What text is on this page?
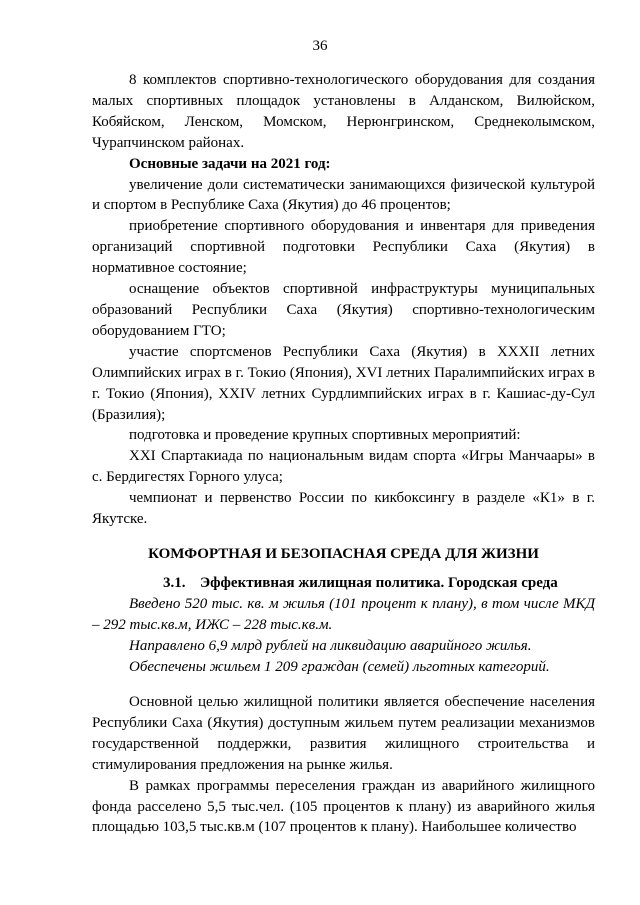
36

8 комплектов спортивно-технологического оборудования для создания малых спортивных площадок установлены в Алданском, Вилюйском, Кобяйском, Ленском, Момском, Нерюнгринском, Среднеколымском, Чурапчинском районах.

Основные задачи на 2021 год:

увеличение доли систематически занимающихся физической культурой и спортом в Республике Саха (Якутия) до 46 процентов;

приобретение спортивного оборудования и инвентаря для приведения организаций спортивной подготовки Республики Саха (Якутия) в нормативное состояние;

оснащение объектов спортивной инфраструктуры муниципальных образований Республики Саха (Якутия) спортивно-технологическим оборудованием ГТО;

участие спортсменов Республики Саха (Якутия) в XXXII летних Олимпийских играх в г. Токио (Япония), XVI летних Паралимпийских играх в г. Токио (Япония), XXIV летних Сурдлимпийских играх в г. Кашиас-ду-Сул (Бразилия);

подготовка и проведение крупных спортивных мероприятий:

XXI Спартакиада по национальным видам спорта «Игры Манчаары» в с. Бердигестях Горного улуса;

чемпионат и первенство России по кикбоксингу в разделе «К1» в г. Якутске.

КОМФОРТНАЯ И БЕЗОПАСНАЯ СРЕДА ДЛЯ ЖИЗНИ

3.1. Эффективная жилищная политика. Городская среда

Введено 520 тыс. кв. м жилья (101 процент к плану), в том числе МКД – 292 тыс.кв.м, ИЖС – 228 тыс.кв.м.

Направлено 6,9 млрд рублей на ликвидацию аварийного жилья.

Обеспечены жильем 1 209 граждан (семей) льготных категорий.

Основной целью жилищной политики является обеспечение населения Республики Саха (Якутия) доступным жильем путем реализации механизмов государственной поддержки, развития жилищного строительства и стимулирования предложения на рынке жилья.

В рамках программы переселения граждан из аварийного жилищного фонда расселено 5,5 тыс.чел. (105 процентов к плану) из аварийного жилья площадью 103,5 тыс.кв.м (107 процентов к плану). Наибольшее количество
